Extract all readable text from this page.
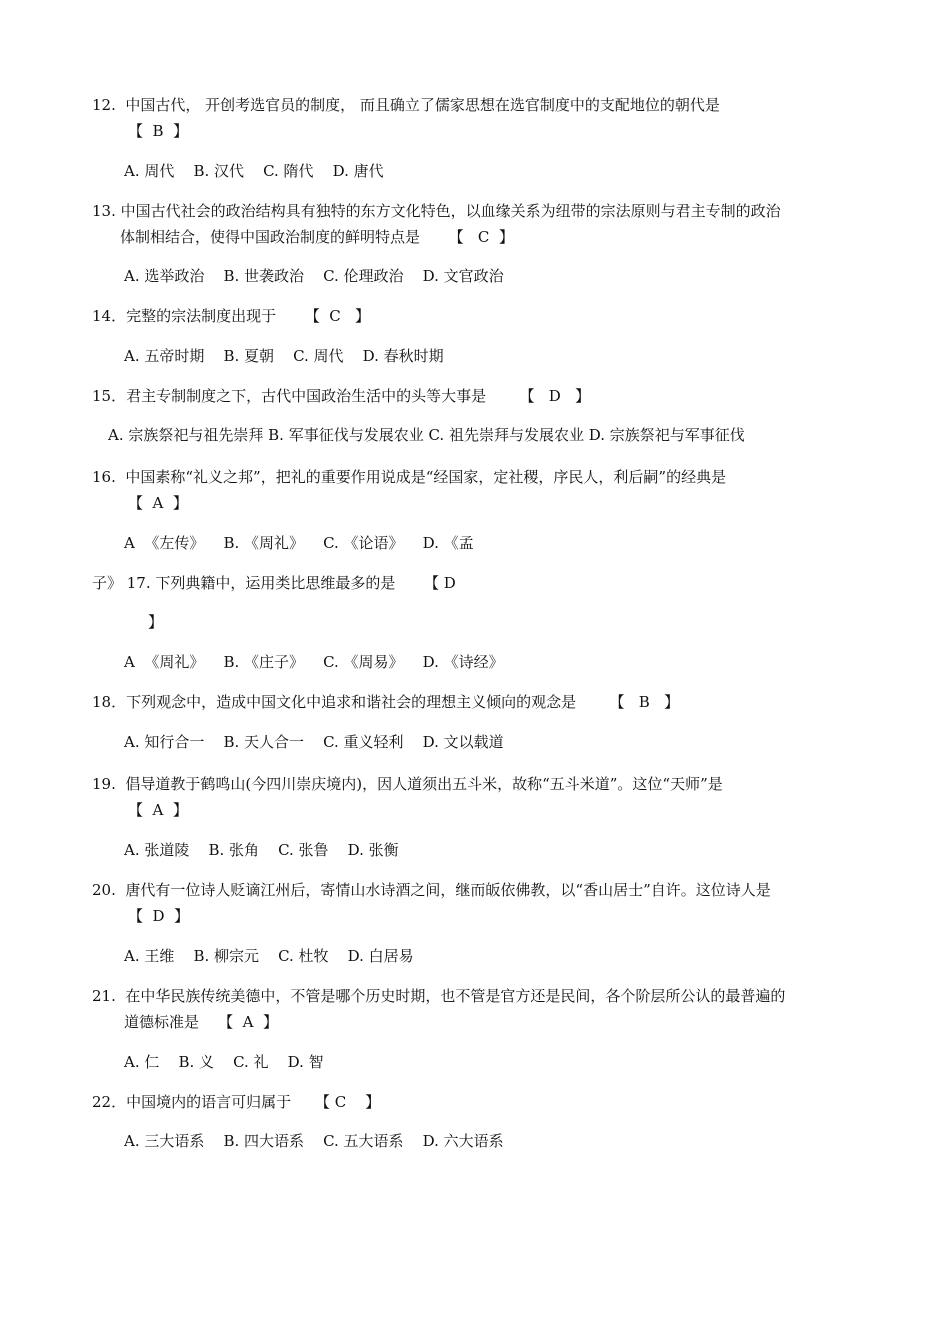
12.  中国古代， 开创考选官员的制度， 而且确立了儒家思想在选官制度中的支配地位的朝代是
【  B  】
A. 周代    B. 汉代    C. 隋代    D. 唐代
13. 中国古代社会的政治结构具有独特的东方文化特色，以血缘关系为纽带的宗法原则与君主专制的政治
体制相结合，使得中国政治制度的鲜明特点是      【   C  】
A. 选举政治    B. 世袭政治    C. 伦理政治    D. 文官政治
14．完整的宗法制度出现于      【  C   】
A. 五帝时期    B. 夏朝    C. 周代    D. 春秋时期
15．君主专制制度之下，古代中国政治生活中的头等大事是       【   D   】
A. 宗族祭祀与祖先崇拜 B. 军事征伐与发展农业 C. 祖先崇拜与发展农业 D. 宗族祭祀与军事征伐
16.  中国素称“礼义之邦”，把礼的重要作用说成是“经国家，定社稷，序民人，利后嗣”的经典是
【  A  】
A  《左传》    B. 《周礼》    C. 《论语》    D. 《孟
子》 17. 下列典籍中，运用类比思维最多的是      【 D
】
A  《周礼》    B. 《庄子》    C. 《周易》    D. 《诗经》
18．下列观念中，造成中国文化中追求和谐社会的理想主义倾向的观念是       【   B   】
A. 知行合一    B. 天人合一    C. 重义轻利    D. 文以载道
19.  倡导道教于鹤鸣山(今四川崇庆境内)，因人道须出五斗米，故称“五斗米道”。这位“天师”是
【  A  】
A. 张道陵    B. 张角    C. 张鲁    D. 张衡
20.  唐代有一位诗人贬谪江州后，寄情山水诗酒之间，继而皈依佛教，以“香山居士”自许。这位诗人是
【  D  】
A. 王维    B. 柳宗元    C. 杜牧    D. 白居易
21.  在中华民族传统美德中，不管是哪个历史时期，也不管是官方还是民间，各个阶层所公认的最普遍的
道德标准是    【  A  】
A. 仁    B. 义    C. 礼    D. 智
22．中国境内的语言可归属于     【 C    】
A. 三大语系    B. 四大语系    C. 五大语系    D. 六大语系
